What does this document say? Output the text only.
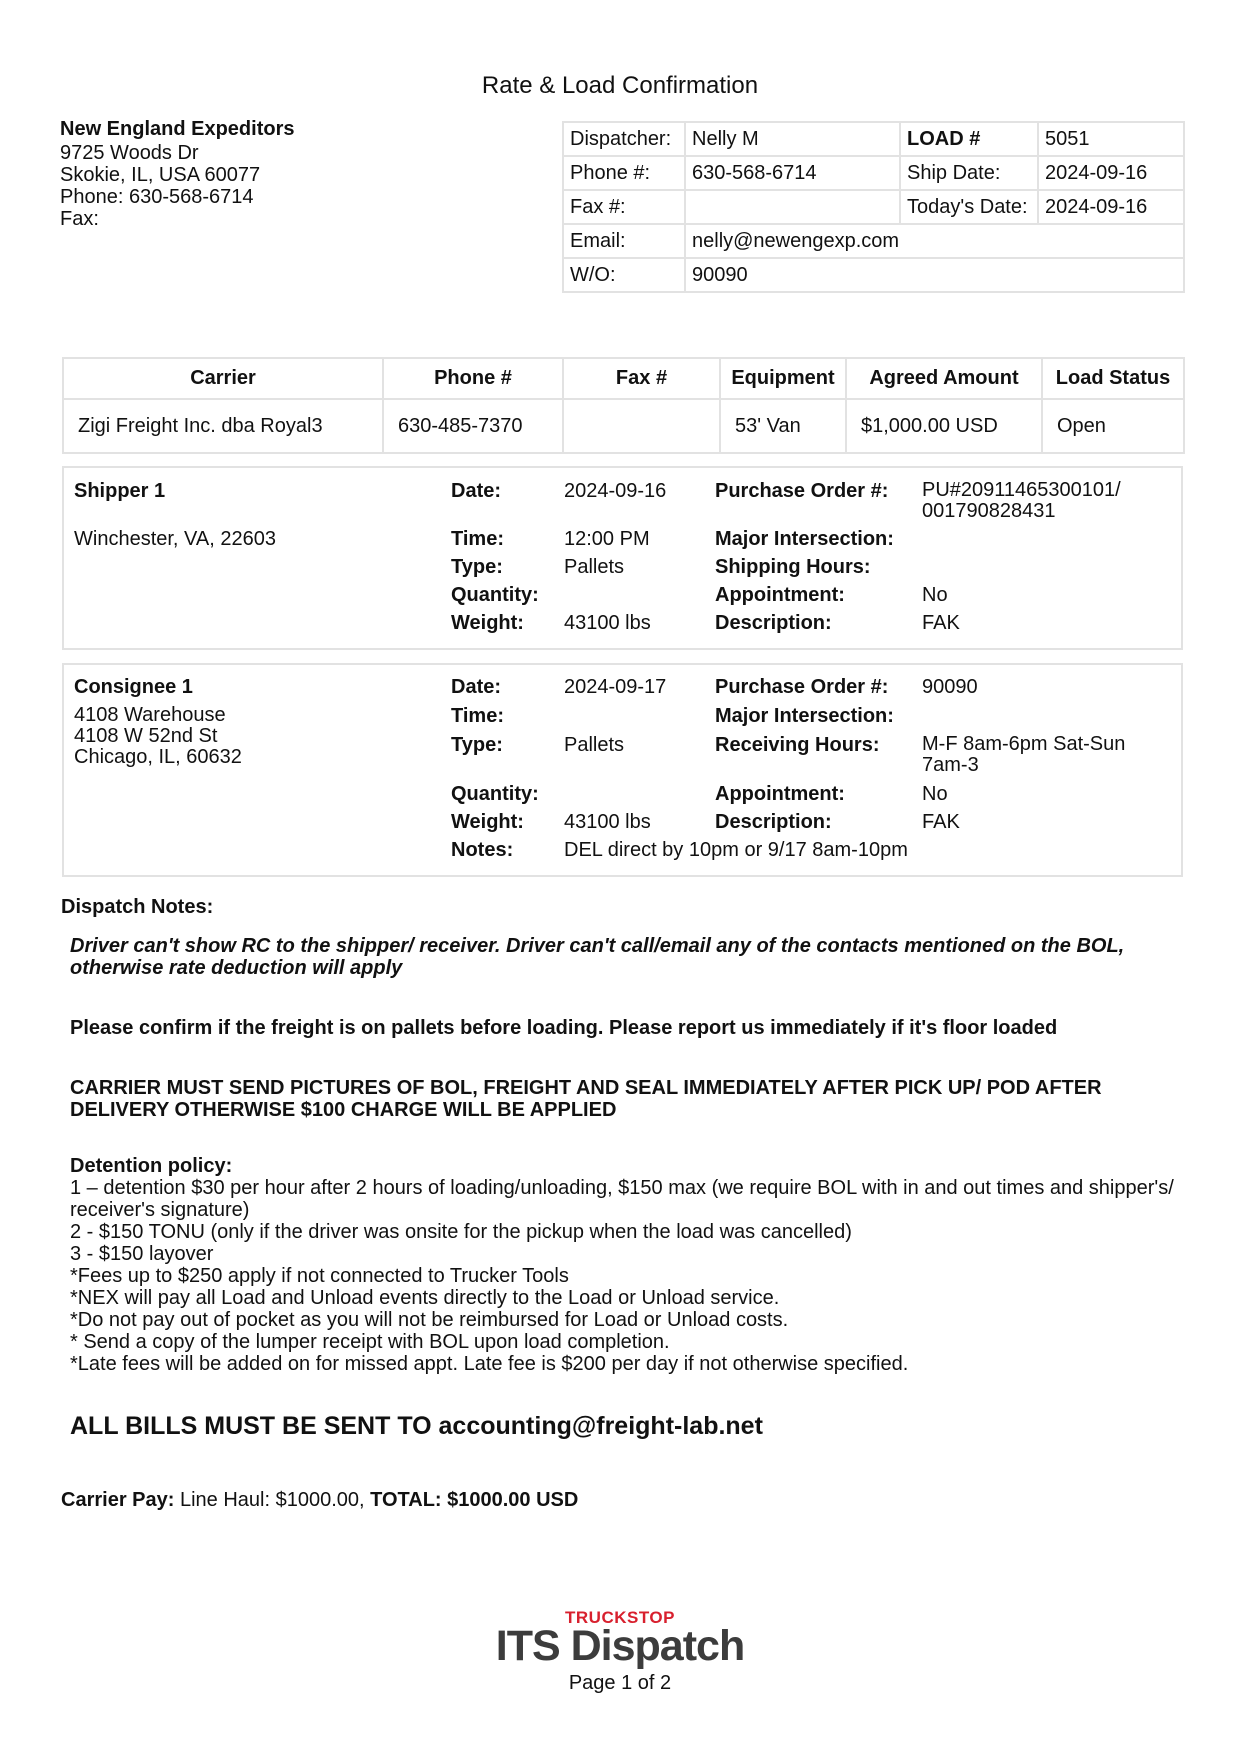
Rate & Load Confirmation
New England Expeditors
9725 Woods Dr
Skokie, IL, USA 60077
Phone: 630-568-6714
Fax:
Dispatcher:	Nelly M	LOAD #	5051
Phone #:	630-568-6714	Ship Date:	2024-09-16
Fax #:		Today's Date:	2024-09-16
Email:	nelly@newengexp.com		
W/O:	90090		
Carrier	Phone #	Fax #	Equipment	Agreed Amount	Load Status
Zigi Freight Inc. dba Royal3	630-485-7370		53' Van	$1,000.00 USD	Open
Shipper 1
Winchester, VA, 22603
Date:	2024-09-16
Time:	12:00 PM
Type:	Pallets
Quantity:
Weight: 43100 lbs
Purchase Order #: PU#20911465300101/ 001790828431
Major Intersection:
Shipping Hours:
Appointment:	No
Description:	FAK
Consignee 1
4108 Warehouse
4108 W 52nd St
Chicago, IL, 60632
Date:	2024-09-17
Time:
Type:	Pallets
Quantity:
Weight: 43100 lbs
Notes:	DEL direct by 10pm or 9/17 8am-10pm
Purchase Order #: 90090
Major Intersection:
Receiving Hours: M-F 8am-6pm Sat-Sun 7am-3
Appointment:	No
Description:	FAK
Dispatch Notes:
Driver can't show RC to the shipper/ receiver. Driver can't call/email any of the contacts mentioned on the BOL, otherwise rate deduction will apply
Please confirm if the freight is on pallets before loading. Please report us immediately if it's floor loaded
CARRIER MUST SEND PICTURES OF BOL, FREIGHT AND SEAL IMMEDIATELY AFTER PICK UP/ POD AFTER DELIVERY OTHERWISE $100 CHARGE WILL BE APPLIED
Detention policy:
1 – detention $30 per hour after 2 hours of loading/unloading, $150 max (we require BOL with in and out times and shipper's/ receiver's signature)
2 - $150 TONU (only if the driver was onsite for the pickup when the load was cancelled)
3 - $150 layover
*Fees up to $250 apply if not connected to Trucker Tools
*NEX will pay all Load and Unload events directly to the Load or Unload service.
*Do not pay out of pocket as you will not be reimbursed for Load or Unload costs.
* Send a copy of the lumper receipt with BOL upon load completion.
*Late fees will be added on for missed appt. Late fee is $200 per day if not otherwise specified.
ALL BILLS MUST BE SENT TO accounting@freight-lab.net
Carrier Pay: Line Haul: $1000.00, TOTAL: $1000.00 USD
TRUCKSTOP
ITS Dispatch
Page 1 of 2
